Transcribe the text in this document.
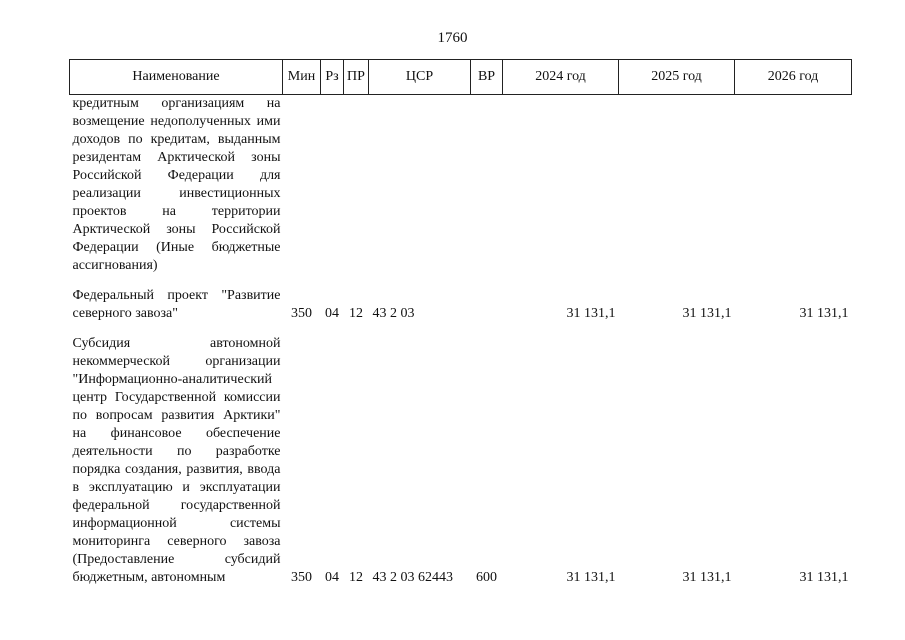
1760
Наименование	Мин	Рз	ПР	ЦСР	ВР	2024 год	2025 год	2026 год
кредитным организациям на возмещение недополученных ими доходов по кредитам, выданным резидентам Арктической зоны Российской Федерации для реализации инвестиционных проектов на территории Арктической зоны Российской Федерации (Иные бюджетные ассигнования)								

Федеральный проект "Развитие северного завоза"	350	04	12	43 2 03		31 131,1	31 131,1	31 131,1

Субсидия автономной некоммерческой организации "Информационно-аналитический центр Государственной комиссии по вопросам развития Арктики" на финансовое обеспечение деятельности по разработке порядка создания, развития, ввода в эксплуатацию и эксплуатации федеральной государственной информационной системы мониторинга северного завоза (Предоставление субсидий бюджетным, автономным	350	04	12	43 2 03 62443	600	31 131,1	31 131,1	31 131,1
